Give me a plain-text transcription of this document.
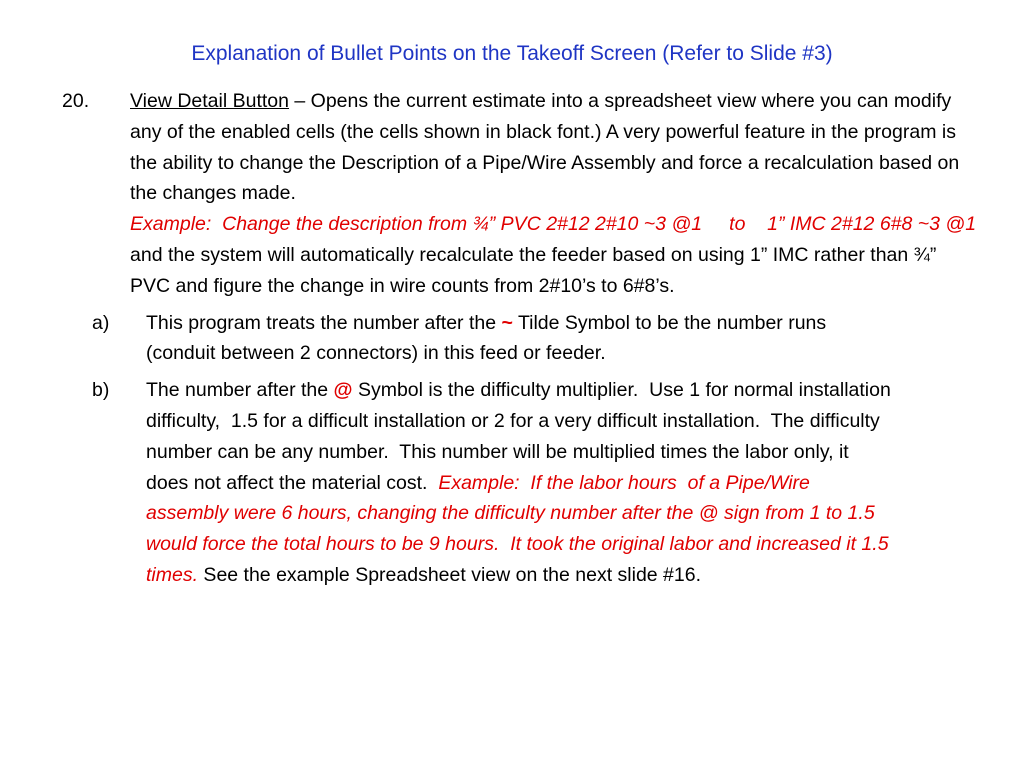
Explanation of Bullet Points on the Takeoff Screen (Refer to Slide #3)
20. View Detail Button – Opens the current estimate into a spreadsheet view where you can modify any of the enabled cells (the cells shown in black font.) A very powerful feature in the program is the ability to change the Description of a Pipe/Wire Assembly and force a recalculation based on the changes made.
Example:  Change the description from ¾” PVC 2#12 2#10 ~3 @1     to    1” IMC 2#12 6#8 ~3 @1   and the system will automatically recalculate the feeder based on using 1” IMC rather than ¾” PVC and figure the change in wire counts from 2#10’s to 6#8’s.
a) This program treats the number after the ~ Tilde Symbol to be the number runs (conduit between 2 connectors) in this feed or feeder.
b) The number after the @ Symbol is the difficulty multiplier.  Use 1 for normal installation difficulty,  1.5 for a difficult installation or 2 for a very difficult installation.  The difficulty number can be any number.  This number will be multiplied times the labor only, it does not affect the material cost.  Example:  If the labor hours  of a Pipe/Wire assembly were 6 hours, changing the difficulty number after the @ sign from 1 to 1.5 would force the total hours to be 9 hours.  It took the original labor and increased it 1.5 times. See the example Spreadsheet view on the next slide #16.
